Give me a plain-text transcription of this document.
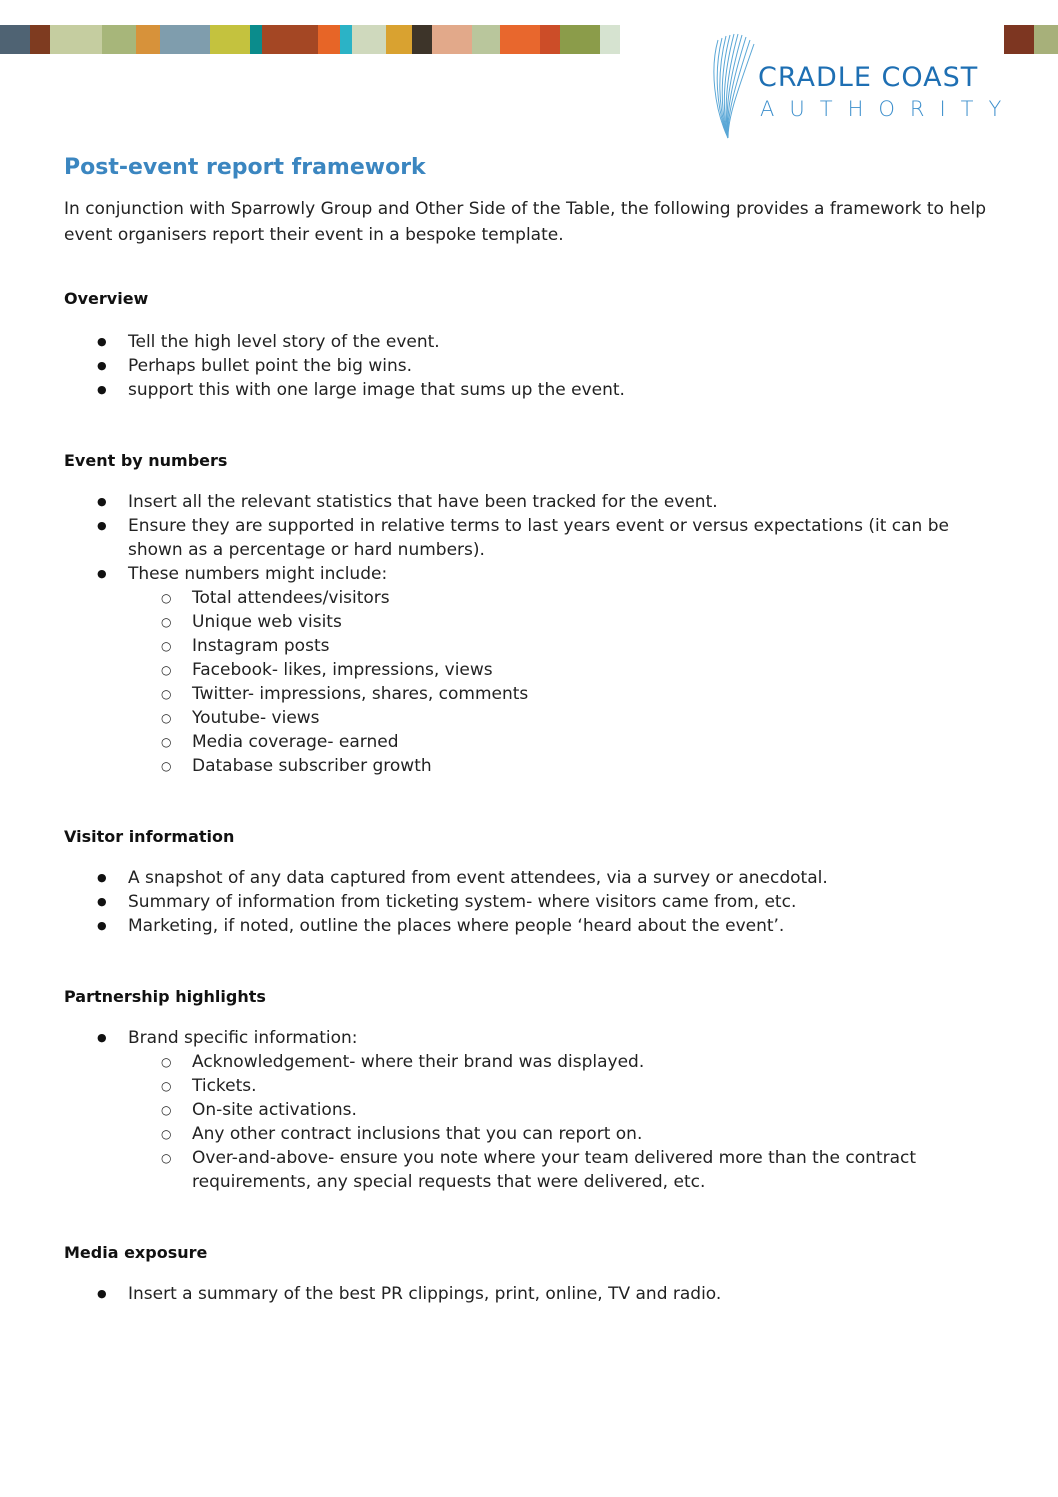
CRADLE COAST
AUTHORITY
Post-event report framework

In conjunction with Sparrowly Group and Other Side of the Table, the following provides a framework to help event organisers report their event in a bespoke template.

Overview
● Tell the high level story of the event.
● Perhaps bullet point the big wins.
● support this with one large image that sums up the event.
Event by numbers
● Insert all the relevant statistics that have been tracked for the event.
● Ensure they are supported in relative terms to last years event or versus expectations (it can be shown as a percentage or hard numbers).
● These numbers might include:
○ Total attendees/visitors
○ Unique web visits
○ Instagram posts
○ Facebook- likes, impressions, views
○ Twitter- impressions, shares, comments
○ Youtube- views
○ Media coverage- earned
○ Database subscriber growth
Visitor information
● A snapshot of any data captured from event attendees, via a survey or anecdotal.
● Summary of information from ticketing system- where visitors came from, etc.
● Marketing, if noted, outline the places where people ‘heard about the event’.
Partnership highlights
● Brand specific information:
○ Acknowledgement- where their brand was displayed.
○ Tickets.
○ On-site activations.
○ Any other contract inclusions that you can report on.
○ Over-and-above- ensure you note where your team delivered more than the contract requirements, any special requests that were delivered, etc.
Media exposure
● Insert a summary of the best PR clippings, print, online, TV and radio.
